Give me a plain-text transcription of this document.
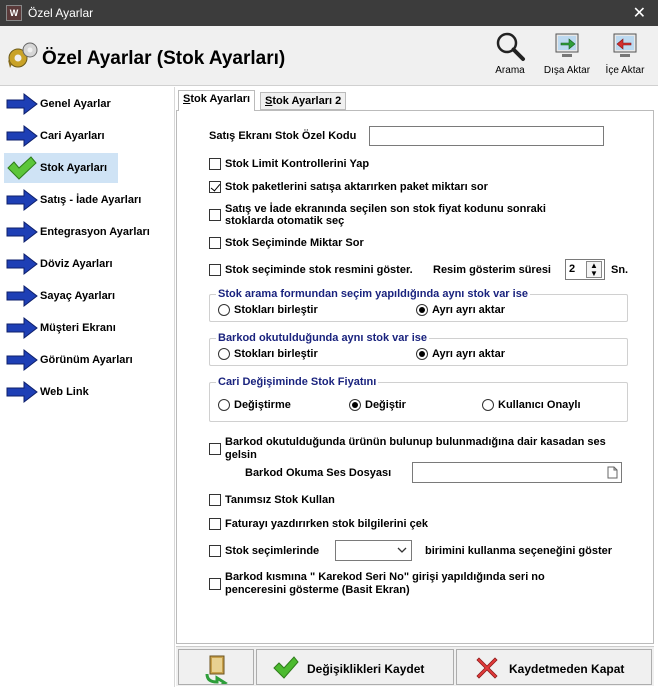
W Özel Ayarlar	✕
Özel Ayarlar (Stok Ayarları)
Arama	Dışa Aktar	İçe Aktar
Genel Ayarlar
Cari Ayarları
Stok Ayarları
Satış - İade Ayarları
Entegrasyon Ayarları
Döviz Ayarları
Sayaç Ayarları
Müşteri Ekranı
Görünüm Ayarları
Web Link
Stok Ayarları	Stok Ayarları 2
Satış Ekranı Stok Özel Kodu
Stok Limit Kontrollerini Yap
Stok paketlerini satışa aktarırken paket miktarı sor
Satış ve İade ekranında seçilen son stok fiyat kodunu sonraki stoklarda otomatik seç
Stok Seçiminde Miktar Sor
Stok seçiminde stok resmini göster. Resim gösterim süresi 2	▲
▼	Sn.
Stok arama formundan seçim yapıldığında aynı stok var ise
Stokları birleştir	Ayrı ayrı aktar
Barkod okutulduğunda aynı stok var ise
Stokları birleştir	Ayrı ayrı aktar
Cari Değişiminde Stok Fiyatını
Değiştirme	Değiştir	Kullanıcı Onaylı
Barkod okutulduğunda ürünün bulunup bulunmadığına dair kasadan ses gelsin
Barkod Okuma Ses Dosyası
Tanımsız Stok Kullan
Faturayı yazdırırken stok bilgilerini çek
Stok seçimlerinde	birimini kullanma seçeneğini göster
Barkod kısmına " Karekod Seri No" girişi yapıldığında seri no penceresini gösterme (Basit Ekran)
Değişiklikleri Kaydet	Kaydetmeden Kapat
